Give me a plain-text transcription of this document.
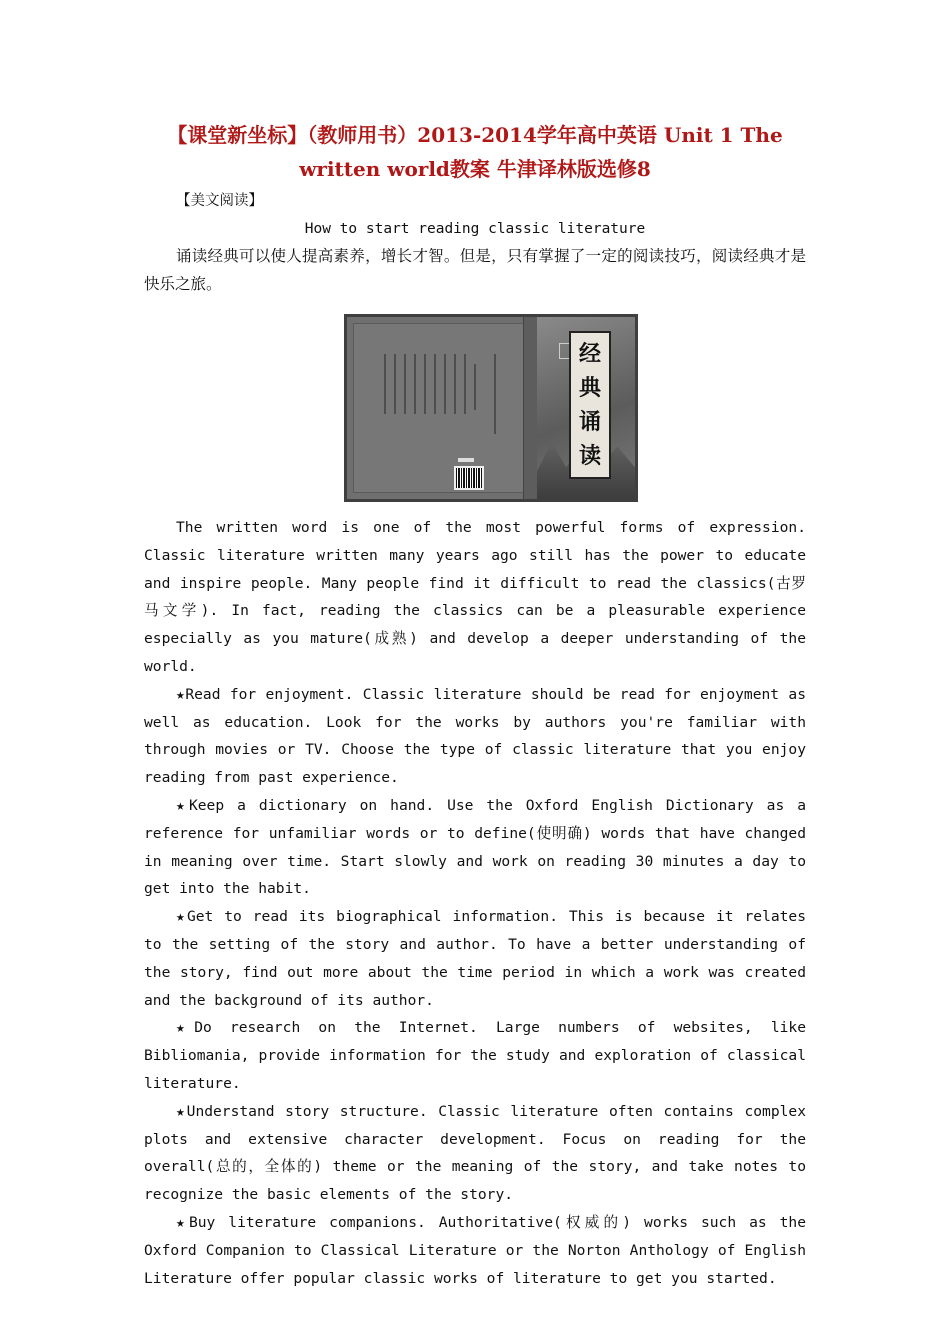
【课堂新坐标】（教师用书）2013-2014学年高中英语 Unit 1 The written world教案 牛津译林版选修8
【美文阅读】
How to start reading classic literature

诵读经典可以使人提高素养，增长才智。但是，只有掌握了一定的阅读技巧，阅读经典才是快乐之旅。

经
典
诵
读

The written word is one of the most powerful forms of expression. Classic literature written many years ago still has the power to educate and inspire people. Many people find it difficult to read the classics(古罗马文学). In fact, reading the classics can be a pleasurable experience especially as you mature(成熟) and develop a deeper understanding of the world.

★Read for enjoyment. Classic literature should be read for enjoyment as well as education. Look for the works by authors you're familiar with through movies or TV. Choose the type of classic literature that you enjoy reading from past experience.

★Keep a dictionary on hand. Use the Oxford English Dictionary as a reference for unfamiliar words or to define(使明确) words that have changed in meaning over time. Start slowly and work on reading 30 minutes a day to get into the habit.

★Get to read its biographical information. This is because it relates to the setting of the story and author. To have a better understanding of the story, find out more about the time period in which a work was created and the background of its author.

★Do research on the Internet. Large numbers of websites, like Bibliomania, provide information for the study and exploration of classical literature.

★Understand story structure. Classic literature often contains complex plots and extensive character development. Focus on reading for the overall(总的，全体的) theme or the meaning of the story, and take notes to recognize the basic elements of the story.

★Buy literature companions. Authoritative(权威的) works such as the Oxford Companion to Classical Literature or the Norton Anthology of English Literature offer popular classic works of literature to get you started.
